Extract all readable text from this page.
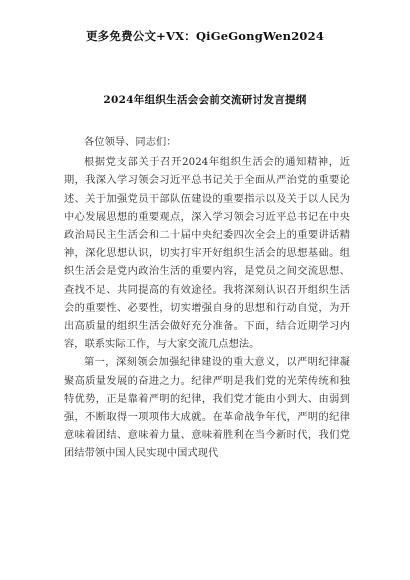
更多免费公文+VX：QiGeGongWen2024
2024年组织生活会会前交流研讨发言提纲

各位领导、同志们：

根据党支部关于召开2024年组织生活会的通知精神，近期，我深入学习领会习近平总书记关于全面从严治党的重要论述、关于加强党员干部队伍建设的重要指示以及关于以人民为中心发展思想的重要观点，深入学习领会习近平总书记在中央政治局民主生活会和二十届中央纪委四次全会上的重要讲话精神，深化思想认识，切实打牢开好组织生活会的思想基础。组织生活会是党内政治生活的重要内容，是党员之间交流思想、查找不足、共同提高的有效途径。我将深刻认识召开组织生活会的重要性、必要性，切实增强自身的思想和行动自觉，为开出高质量的组织生活会做好充分准备。下面，结合近期学习内容，联系实际工作，与大家交流几点想法。

第一，深刻领会加强纪律建设的重大意义，以严明纪律凝聚高质量发展的奋进之力。纪律严明是我们党的光荣传统和独特优势，正是靠着严明的纪律，我们党才能由小到大、由弱到强，不断取得一项项伟大成就。在革命战争年代，严明的纪律意味着团结、意味着力量、意味着胜利在当今新时代，我们党团结带领中国人民实现中国式现代
